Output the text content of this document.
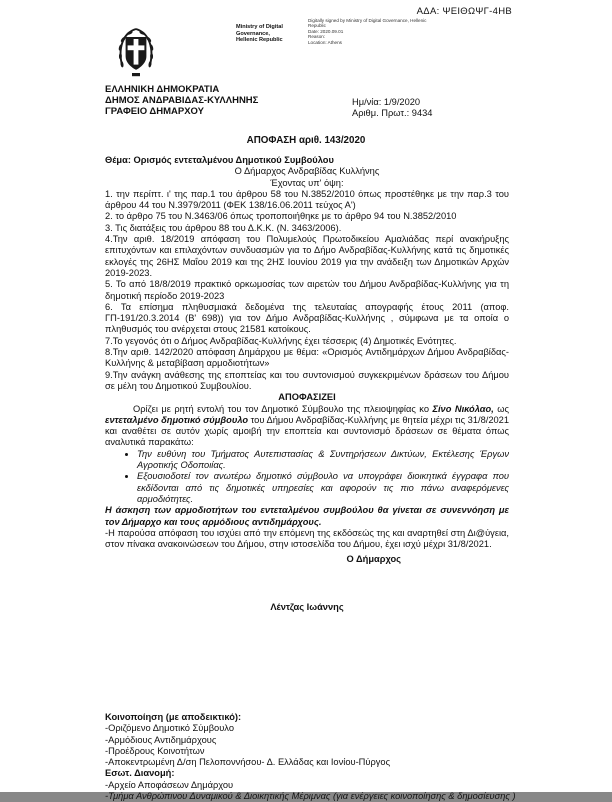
ΑΔΑ: ΨΕΙΘΩΨΓ-4ΗΒ
Ministry of Digital
Governance,
Hellenic Republic
Digitally signed by Ministry of Digital Governance, Hellenic Republic
Date: 2020.09.01
Reason:
Location: Athens
ΕΛΛΗΝΙΚΗ ΔΗΜΟΚΡΑΤΙΑ
ΔΗΜΟΣ ΑΝΔΡΑΒΙΔΑΣ-ΚΥΛΛΗΝΗΣ
ΓΡΑΦΕΙΟ ΔΗΜΑΡΧΟΥ
Ημ/νία: 1/9/2020
Αριθμ. Πρωτ.: 9434
ΑΠΟΦΑΣΗ αριθ. 143/2020

Θέμα: Ορισμός εντεταλμένου Δημοτικού Συμβούλου

Ο Δήμαρχος Ανδραβίδας Κυλλήνης

Έχοντας υπ' όψη:

1. την περίπτ. ι' της παρ.1 του άρθρου 58 του Ν.3852/2010 όπως προστέθηκε με την παρ.3 του άρθρου 44 του Ν.3979/2011 (ΦΕΚ 138/16.06.2011 τεύχος Α')

2. το άρθρο 75 του Ν.3463/06 όπως τροποποιήθηκε με το άρθρο 94 του Ν.3852/2010

3. Τις διατάξεις του άρθρου 88 του Δ.Κ.Κ. (Ν. 3463/2006).

4.Την αριθ. 18/2019 απόφαση του Πολυμελούς Πρωτοδικείου Αμαλιάδας περί ανακήρυξης επιτυχόντων και επιλαχόντων συνδυασμών για το Δήμο Ανδραβίδας-Κυλλήνης κατά τις δημοτικές εκλογές της 26ΗΣ Μαΐου 2019 και της 2ΗΣ Ιουνίου 2019 για την ανάδειξη των Δημοτικών Αρχών 2019-2023.

5. Το από 18/8/2019 πρακτικό ορκωμοσίας των αιρετών του Δήμου Ανδραβίδας-Κυλλήνης για τη δημοτική περίοδο 2019-2023

6. Τα επίσημα πληθυσμιακά δεδομένα της τελευταίας απογραφής έτους 2011 (αποφ. ΓΠ-191/20.3.2014 (Β' 698)) για τον Δήμο Ανδραβίδας-Κυλλήνης , σύμφωνα με τα οποία ο πληθυσμός του ανέρχεται στους 21581 κατοίκους.

7.Το γεγονός ότι ο Δήμος Ανδραβίδας-Κυλλήνης έχει τέσσερις (4) Δημοτικές Ενότητες.

8.Την αριθ. 142/2020 απόφαση Δημάρχου με θέμα: «Ορισμός Αντιδημάρχων Δήμου Ανδραβίδας-Κυλλήνης & μεταβίβαση αρμοδιοτήτων»

9.Την ανάγκη ανάθεσης της εποπτείας και του συντονισμού συγκεκριμένων δράσεων του Δήμου σε μέλη του Δημοτικού Συμβουλίου.

ΑΠΟΦΑΣΙΖΕΙ

Ορίζει με ρητή εντολή του τον Δημοτικό Σύμβουλο της πλειοψηφίας κο Σίνο Νικόλαο, ως εντεταλμένο δημοτικό σύμβουλο του Δήμου Ανδραβίδας-Κυλλήνης με θητεία μέχρι τις 31/8/2021 και αναθέτει σε αυτόν χωρίς αμοιβή την εποπτεία και συντονισμό δράσεων σε θέματα όπως αναλυτικά παρακάτω:

• Την ευθύνη του Τμήματος Αυτεπιστασίας & Συντηρήσεων Δικτύων, Εκτέλεσης Έργων Αγροτικής Οδοποιίας.
• Εξουσιοδοτεί τον ανωτέρω δημοτικό σύμβουλο να υπογράφει διοικητικά έγγραφα που εκδίδονται από τις δημοτικές υπηρεσίες και αφορούν τις πιο πάνω αναφερόμενες αρμοδιότητες.

Η άσκηση των αρμοδιοτήτων του εντεταλμένου συμβούλου θα γίνεται σε συνεννόηση με τον Δήμαρχο και τους αρμόδιους αντιδημάρχους.

-Η παρούσα απόφαση του ισχύει από την επόμενη της εκδόσεώς της και αναρτηθεί στη Δι@ύγεια, στον πίνακα ανακοινώσεων του Δήμου, στην ιστοσελίδα του Δήμου, έχει ισχύ μέχρι 31/8/2021.

Ο Δήμαρχος

Λέντζας Ιωάννης

Κοινοποίηση (με αποδεικτικό):

-Οριζόμενο Δημοτικό Σύμβουλο

-Αρμόδιους Αντιδημάρχους

-Προέδρους Κοινοτήτων

-Αποκεντρωμένη Δ/ση Πελοποννήσου- Δ. Ελλάδας και Ιονίου-Πύργος

Εσωτ. Διανομή:

-Αρχείο Αποφάσεων Δημάρχου

-Τμήμα Ανθρώπινου Δυναμικού & Διοικητικής Μέριμνας (για ενέργειες κοινοποίησης & δημοσίευσης )
